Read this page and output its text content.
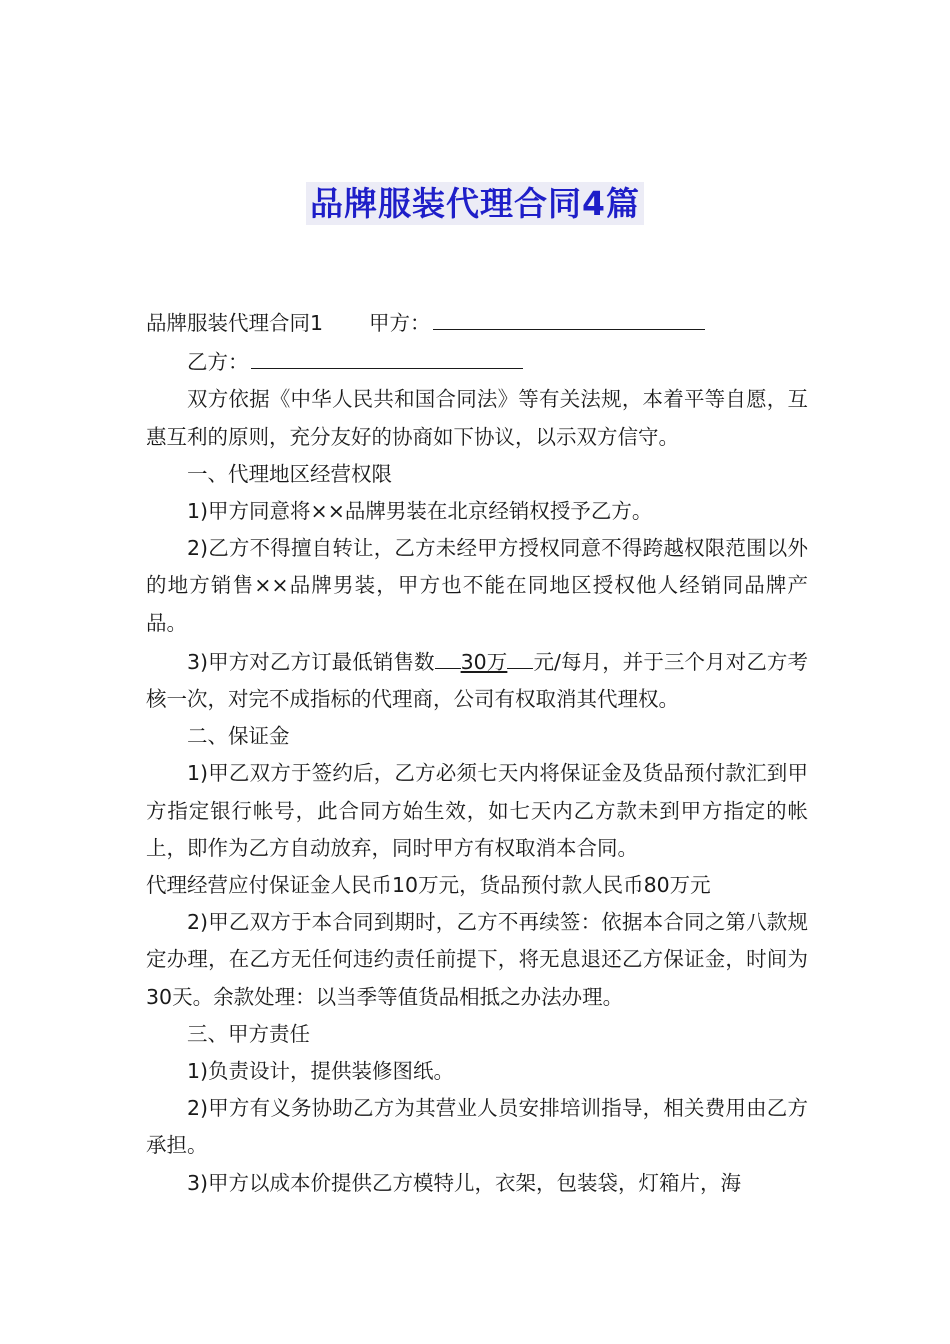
品牌服装代理合同4篇

品牌服装代理合同1 甲方：

乙方：

双方依据《中华人民共和国合同法》等有关法规，本着平等自愿，互惠互利的原则，充分友好的协商如下协议，以示双方信守。

一、代理地区经营权限

1)甲方同意将××品牌男装在北京经销权授予乙方。

2)乙方不得擅自转让，乙方未经甲方授权同意不得跨越权限范围以外的地方销售××品牌男装，甲方也不能在同地区授权他人经销同品牌产品。

3)甲方对乙方订最低销售数 30万 元/每月，并于三个月对乙方考核一次，对完不成指标的代理商，公司有权取消其代理权。

二、保证金

1)甲乙双方于签约后，乙方必须七天内将保证金及货品预付款汇到甲方指定银行帐号，此合同方始生效，如七天内乙方款未到甲方指定的帐上，即作为乙方自动放弃，同时甲方有权取消本合同。

代理经营应付保证金人民币10万元，货品预付款人民币80万元

2)甲乙双方于本合同到期时，乙方不再续签：依据本合同之第八款规定办理，在乙方无任何违约责任前提下，将无息退还乙方保证金，时间为30天。余款处理：以当季等值货品相抵之办法办理。

三、甲方责任

1)负责设计，提供装修图纸。

2)甲方有义务协助乙方为其营业人员安排培训指导，相关费用由乙方承担。

3)甲方以成本价提供乙方模特儿，衣架，包装袋，灯箱片，海
